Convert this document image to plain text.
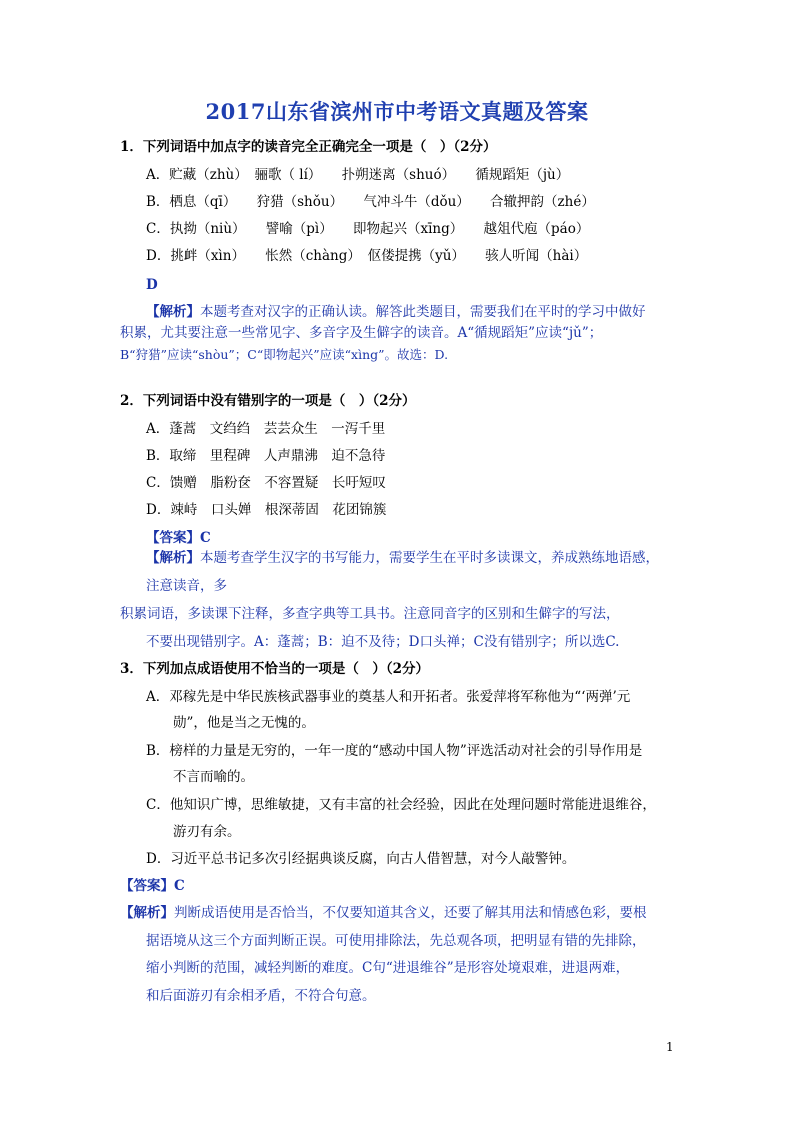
2017山东省滨州市中考语文真题及答案
1．下列词语中加点字的读音完全正确完全一项是（　）（2分）
A．贮藏（zhù）　骊歌（ lí）　　扑朔迷离（shuó）　　循规蹈矩（jù）
B．栖息（qī）　　狩猎（shǒu）　　气冲斗牛（dǒu）　　合辙押韵（zhé）
C．执拗（niù）　　譬喻（pì）　　即物起兴（xīng）　　越俎代庖（páo）
D．挑衅（xìn）　　怅然（chàng）　伛偻提携（yǔ）　　骇人听闻（hài）
D
【解析】本题考查对汉字的正确认读。解答此类题目，需要我们在平时的学习中做好
积累，尤其要注意一些常见字、多音字及生僻字的读音。A“循规蹈矩”应读“jǔ”；
B“狩猎”应读“shòu”；C“即物起兴”应读“xìng”。故选：D.
2．下列词语中没有错别字的一项是（　）（2分）
A．蓬蒿　文绉绉　芸芸众生　一泻千里
B．取缔　里程碑　人声鼎沸　迫不急待
C．馈赠　脂粉奁　不容置疑　长吁短叹
D．竦峙　口头婵　根深蒂固　花团锦簇
【答案】C
【解析】本题考查学生汉字的书写能力，需要学生在平时多读课文，养成熟练地语感，
注意读音，多
积累词语，多读课下注释，多查字典等工具书。注意同音字的区别和生僻字的写法，
不要出现错别字。A：蓬蒿；B：迫不及待；D口头禅；C没有错别字；所以选C.
3．下列加点成语使用不恰当的一项是（　）（2分）
A．邓稼先是中华民族核武器事业的奠基人和开拓者。张爱萍将军称他为“‘两弹’元
勋”，他是当之无愧的。
B．榜样的力量是无穷的，一年一度的“感动中国人物”评选活动对社会的引导作用是
不言而喻的。
C．他知识广博，思维敏捷，又有丰富的社会经验，因此在处理问题时常能进退维谷，
游刃有余。
D．习近平总书记多次引经据典谈反腐，向古人借智慧，对今人敲警钟。
【答案】C
【解析】判断成语使用是否恰当，不仅要知道其含义，还要了解其用法和情感色彩，要根
据语境从这三个方面判断正误。可使用排除法，先总观各项，把明显有错的先排除，
缩小判断的范围，减轻判断的难度。C句“进退维谷”是形容处境艰难，进退两难，
和后面游刃有余相矛盾，不符合句意。
1
